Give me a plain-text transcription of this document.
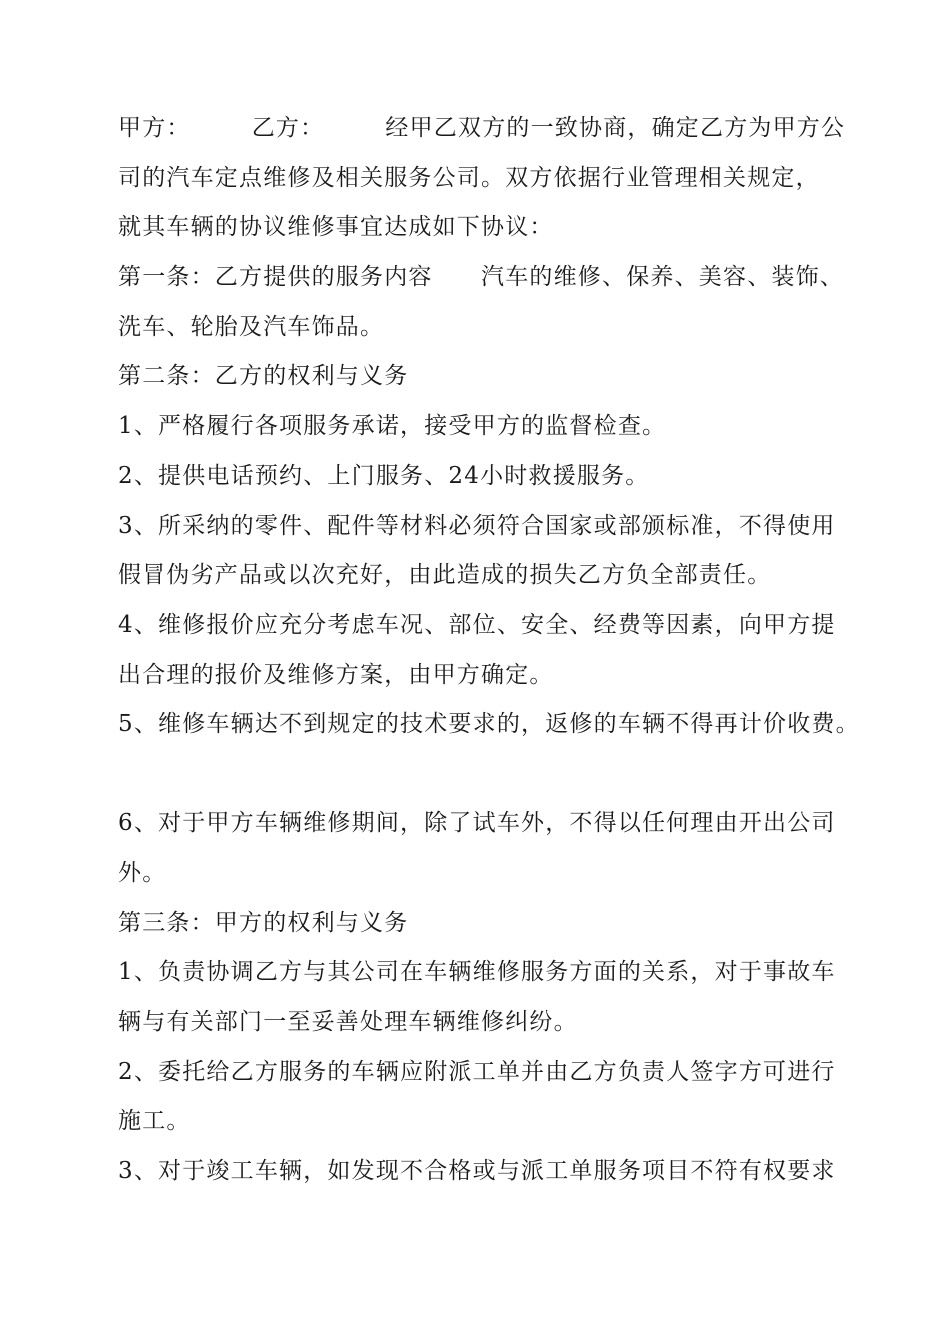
甲方：　　　乙方：　　　经甲乙双方的一致协商，确定乙方为甲方公
司的汽车定点维修及相关服务公司。双方依据行业管理相关规定，
就其车辆的协议维修事宜达成如下协议：
第一条：乙方提供的服务内容　　汽车的维修、保养、美容、装饰、
洗车、轮胎及汽车饰品。
第二条：乙方的权利与义务
1、严格履行各项服务承诺，接受甲方的监督检查。
2、提供电话预约、上门服务、24小时救援服务。
3、所采纳的零件、配件等材料必须符合国家或部颁标准，不得使用
假冒伪劣产品或以次充好，由此造成的损失乙方负全部责任。
4、维修报价应充分考虑车况、部位、安全、经费等因素，向甲方提
出合理的报价及维修方案，由甲方确定。
5、维修车辆达不到规定的技术要求的，返修的车辆不得再计价收费。
6、对于甲方车辆维修期间，除了试车外，不得以任何理由开出公司
外。
第三条：甲方的权利与义务
1、负责协调乙方与其公司在车辆维修服务方面的关系，对于事故车
辆与有关部门一至妥善处理车辆维修纠纷。
2、委托给乙方服务的车辆应附派工单并由乙方负责人签字方可进行
施工。
3、对于竣工车辆，如发现不合格或与派工单服务项目不符有权要求
